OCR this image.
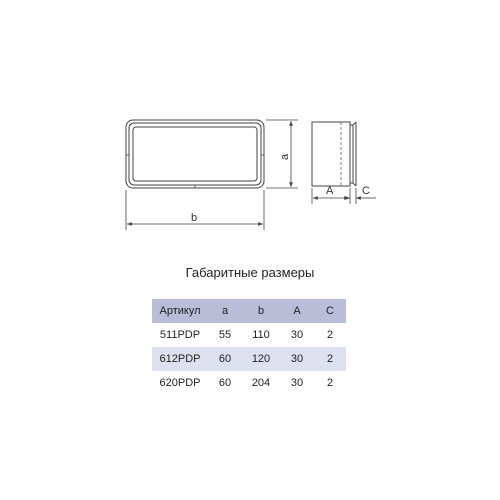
b
a
A	C
Габаритные размеры
Артикул	a	b	A	C
511PDP	55	110	30	2
612PDP	60	120	30	2
620PDP	60	204	30	2
